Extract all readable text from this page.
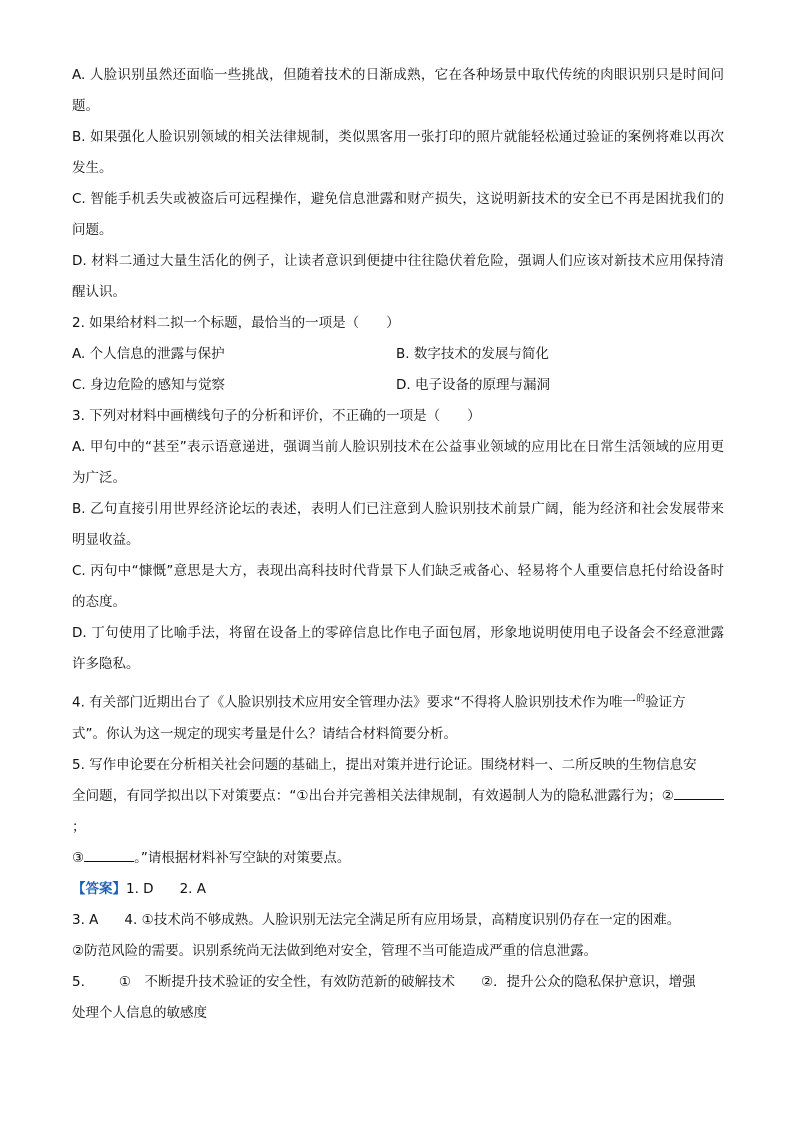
A. 人脸识别虽然还面临一些挑战，但随着技术的日渐成熟，它在各种场景中取代传统的肉眼识别只是时间问题。

B. 如果强化人脸识别领域的相关法律规制，类似黑客用一张打印的照片就能轻松通过验证的案例将难以再次发生。

C. 智能手机丢失或被盗后可远程操作，避免信息泄露和财产损失，这说明新技术的安全已不再是困扰我们的问题。

D. 材料二通过大量生活化的例子，让读者意识到便捷中往往隐伏着危险，强调人们应该对新技术应用保持清醒认识。

2. 如果给材料二拟一个标题，最恰当的一项是（　　）

A. 个人信息的泄露与保护	B. 数字技术的发展与简化
C. 身边危险的感知与觉察	D. 电子设备的原理与漏洞

3. 下列对材料中画横线句子的分析和评价，不正确的一项是（　　）

A. 甲句中的“甚至”表示语意递进，强调当前人脸识别技术在公益事业领域的应用比在日常生活领域的应用更为广泛。

B. 乙句直接引用世界经济论坛的表述，表明人们已注意到人脸识别技术前景广阔，能为经济和社会发展带来明显收益。

C. 丙句中“慷慨”意思是大方，表现出高科技时代背景下人们缺乏戒备心、轻易将个人重要信息托付给设备时的态度。

D. 丁句使用了比喻手法，将留在设备上的零碎信息比作电子面包屑，形象地说明使用电子设备会不经意泄露许多隐私。

4. 有关部门近期出台了《人脸识别技术应用安全管理办法》要求“不得将人脸识别技术作为唯一$^的$验证方
式”。你认为这一规定的现实考量是什么？请结合材料简要分析。

5. 写作申论要在分析相关社会问题的基础上，提出对策并进行论证。围绕材料一、二所反映的生物信息安
全问题，有同学拟出以下对策要点：“①出台并完善相关法律规制，有效遏制人为的隐私泄露行为；②；
③	。”请根据材料补写空缺的对策要点。

【答案】1. D 2. A

3. A 4. ①技术尚不够成熟。人脸识别无法完全满足所有应用场景，高精度识别仍存在一定的困难。

②防范风险的需要。识别系统尚无法做到绝对安全，管理不当可能造成严重的信息泄露。

5.	①　不断提升技术验证的安全性，有效防范新的破解技术 ②．提升公众的隐私保护意识，增强
处理个人信息的敏感度
